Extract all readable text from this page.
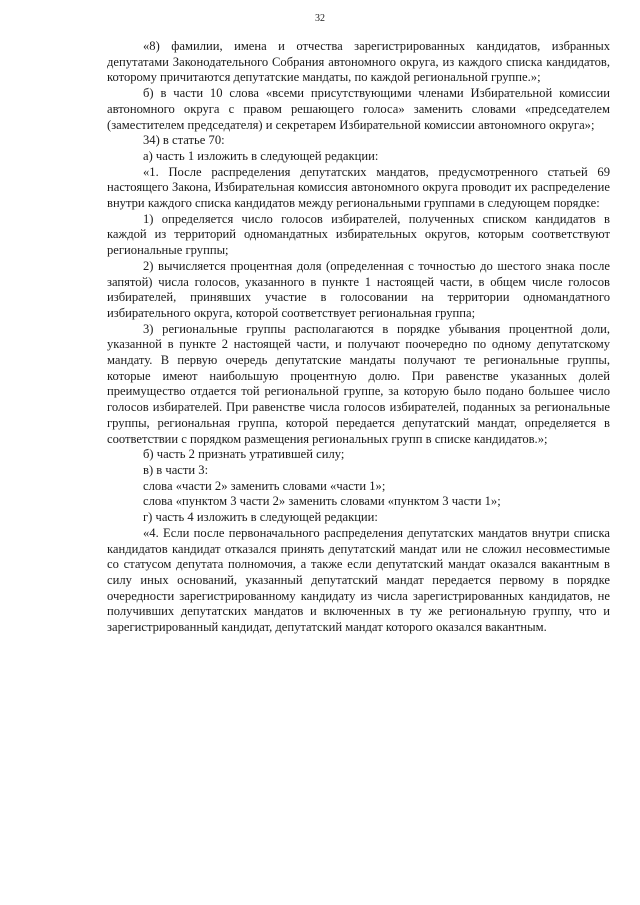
32

«8) фамилии, имена и отчества зарегистрированных кандидатов, избранных депутатами Законодательного Собрания автономного округа, из каждого списка кандидатов, которому причитаются депутатские мандаты, по каждой региональной группе.»;

б) в части 10 слова «всеми присутствующими членами Избирательной комиссии автономного округа с правом решающего голоса» заменить словами «председателем (заместителем председателя) и секретарем Избирательной комиссии автономного округа»;

34) в статье 70:

а) часть 1 изложить в следующей редакции:

«1. После распределения депутатских мандатов, предусмотренного статьей 69 настоящего Закона, Избирательная комиссия автономного округа проводит их распределение внутри каждого списка кандидатов между региональными группами в следующем порядке:

1) определяется число голосов избирателей, полученных списком кандидатов в каждой из территорий одномандатных избирательных округов, которым соответствуют региональные группы;

2) вычисляется процентная доля (определенная с точностью до шестого знака после запятой) числа голосов, указанного в пункте 1 настоящей части, в общем числе голосов избирателей, принявших участие в голосовании на территории одномандатного избирательного округа, которой соответствует региональная группа;

3) региональные группы располагаются в порядке убывания процентной доли, указанной в пункте 2 настоящей части, и получают поочередно по одному депутатскому мандату. В первую очередь депутатские мандаты получают те региональные группы, которые имеют наибольшую процентную долю. При равенстве указанных долей преимущество отдается той региональной группе, за которую было подано большее число голосов избирателей. При равенстве числа голосов избирателей, поданных за региональные группы, региональная группа, которой передается депутатский мандат, определяется в соответствии с порядком размещения региональных групп в списке кандидатов.»;

б) часть 2 признать утратившей силу;

в) в части 3:

слова «части 2» заменить словами «части 1»;

слова «пунктом 3 части 2» заменить словами «пунктом 3 части 1»;

г) часть 4 изложить в следующей редакции:

«4. Если после первоначального распределения депутатских мандатов внутри списка кандидатов кандидат отказался принять депутатский мандат или не сложил несовместимые со статусом депутата полномочия, а также если депутатский мандат оказался вакантным в силу иных оснований, указанный депутатский мандат передается первому в порядке очередности зарегистрированному кандидату из числа зарегистрированных кандидатов, не получивших депутатских мандатов и включенных в ту же региональную группу, что и зарегистрированный кандидат, депутатский мандат которого оказался вакантным.
